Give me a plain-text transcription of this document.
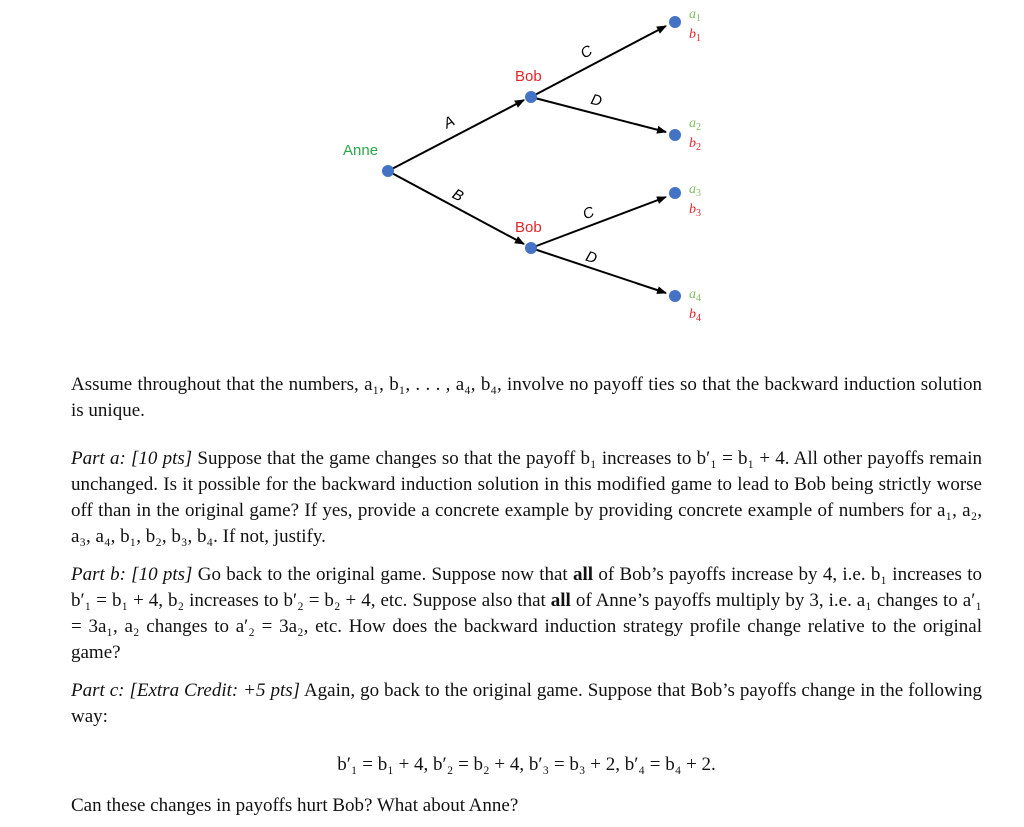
Anne
Bob
Bob
A
B
C
D
C
D
$a_1$
$b_1$
$a_2$
$b_2$
$a_3$
$b_3$
$a_4$
$b_4$

Assume throughout that the numbers, a₁, b₁, . . . , a₄, b₄, involve no payoff ties so that the backward induction solution is unique.

Part a: [10 pts] Suppose that the game changes so that the payoff b₁ increases to b′₁ = b₁ + 4. All other payoffs remain unchanged. Is it possible for the backward induction solution in this modified game to lead to Bob being strictly worse off than in the original game? If yes, provide a concrete example by providing concrete example of numbers for a₁, a₂, a₃, a₄, b₁, b₂, b₃, b₄. If not, justify.

Part b: [10 pts] Go back to the original game. Suppose now that all of Bob’s payoffs increase by 4, i.e. b₁ increases to b′₁ = b₁ + 4, b₂ increases to b′₂ = b₂ + 4, etc. Suppose also that all of Anne’s payoffs multiply by 3, i.e. a₁ changes to a′₁ = 3a₁, a₂ changes to a′₂ = 3a₂, etc. How does the backward induction strategy profile change relative to the original game?

Part c: [Extra Credit: +5 pts] Again, go back to the original game. Suppose that Bob’s payoffs change in the following way:

b′₁ = b₁ + 4, b′₂ = b₂ + 4, b′₃ = b₃ + 2, b′₄ = b₄ + 2.

Can these changes in payoffs hurt Bob? What about Anne?
